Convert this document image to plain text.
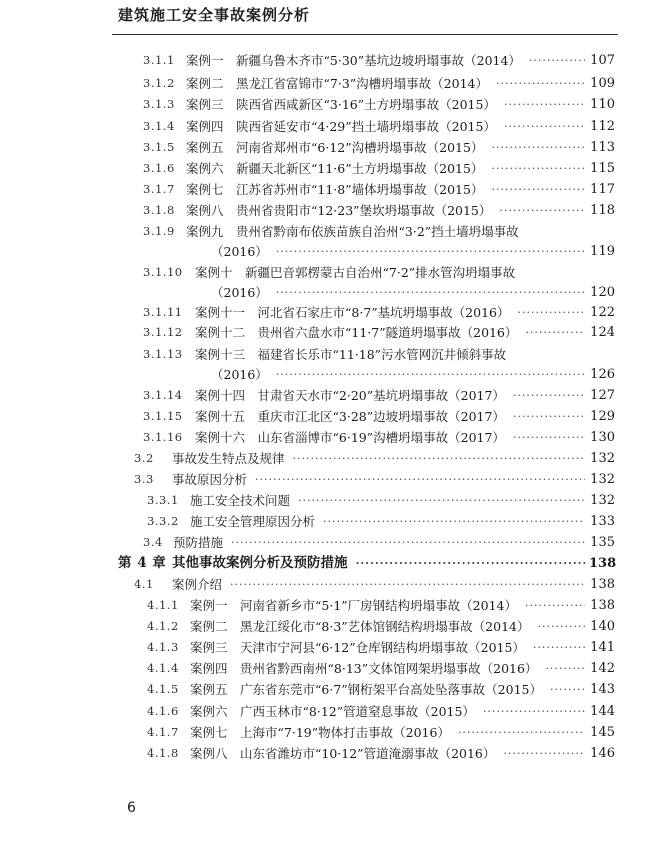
建筑施工安全事故案例分析
3.1.1 案例一　新疆乌鲁木齐市“5·30”基坑边坡坍塌事故（2014） ·····	107
3.1.2 案例二　黑龙江省富锦市“7·3”沟槽坍塌事故（2014） ·····	109
3.1.3 案例三　陕西省西咸新区“3·16”土方坍塌事故（2015） ·····	110
3.1.4 案例四　陕西省延安市“4·29”挡土墙坍塌事故（2015） ·····	112
3.1.5 案例五　河南省郑州市“6·12”沟槽坍塌事故（2015） ·····	113
3.1.6 案例六　新疆天北新区“11·6”土方坍塌事故（2015） ·····	115
3.1.7 案例七　江苏省苏州市“11·8”墙体坍塌事故（2015） ·····	117
3.1.8 案例八　贵州省贵阳市“12·23”堡坎坍塌事故（2015） ·····	118
3.1.9 案例九　贵州省黔南布依族苗族自治州“3·2”挡土墙坍塌事故
（2016） ·····	119
3.1.10 案例十　新疆巴音郭楞蒙古自治州“7·2”排水管沟坍塌事故
（2016） ·····	120
3.1.11 案例十一　河北省石家庄市“8·7”基坑坍塌事故（2016） ·····	122
3.1.12 案例十二　贵州省六盘水市“11·7”隧道坍塌事故（2016） ·····	124
3.1.13 案例十三　福建省长乐市“11·18”污水管网沉井倾斜事故
（2016） ·····	126
3.1.14 案例十四　甘肃省天水市“2·20”基坑坍塌事故（2017） ·····	127
3.1.15 案例十五　重庆市江北区“3·28”边坡坍塌事故（2017） ·····	129
3.1.16 案例十六　山东省淄博市“6·19”沟槽坍塌事故（2017） ·····	130
3.2	事故发生特点及规律 ·····	132
3.3	事故原因分析 ·····	132
3.3.1 施工安全技术问题 ·····	132
3.3.2 施工安全管理原因分析 ·····	133
3.4 预防措施 ·····	135
第 4 章 其他事故案例分析及预防措施 ·····	138
4.1	案例介绍 ·····	138
4.1.1 案例一　河南省新乡市“5·1”厂房钢结构坍塌事故（2014） ·····	138
4.1.2 案例二　黑龙江绥化市“8·3”艺体馆钢结构坍塌事故（2014） ·····	140
4.1.3 案例三　天津市宁河县“6·12”仓库钢结构坍塌事故（2015） ·····	141
4.1.4 案例四　贵州省黔西南州“8·13”文体馆网架坍塌事故（2016） ·····	142
4.1.5 案例五　广东省东莞市“6·7”钢桁架平台高处坠落事故（2015） ·····	143
4.1.6 案例六　广西玉林市“8·12”管道窒息事故（2015） ·····	144
4.1.7 案例七　上海市“7·19”物体打击事故（2016） ·····	145
4.1.8 案例八　山东省潍坊市“10·12”管道淹溺事故（2016） ·····	146
6
